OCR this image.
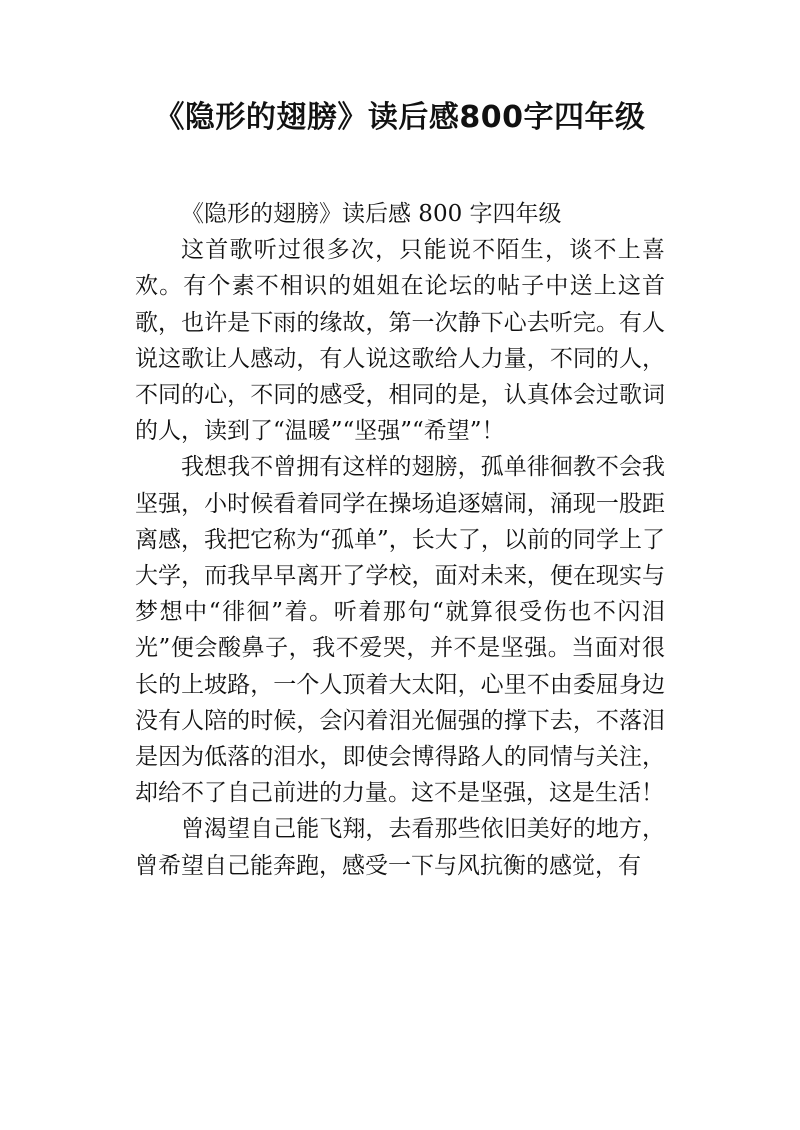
《隐形的翅膀》读后感800字四年级

《隐形的翅膀》读后感 800 字四年级

这首歌听过很多次，只能说不陌生，谈不上喜欢。有个素不相识的姐姐在论坛的帖子中送上这首歌，也许是下雨的缘故，第一次静下心去听完。有人说这歌让人感动，有人说这歌给人力量，不同的人，不同的心，不同的感受，相同的是，认真体会过歌词的人，读到了“温暖”“坚强”“希望”！

我想我不曾拥有这样的翅膀，孤单徘徊教不会我坚强，小时候看着同学在操场追逐嬉闹，涌现一股距离感，我把它称为“孤单”，长大了，以前的同学上了大学，而我早早离开了学校，面对未来，便在现实与梦想中“徘徊”着。听着那句“就算很受伤也不闪泪光”便会酸鼻子，我不爱哭，并不是坚强。当面对很长的上坡路，一个人顶着大太阳，心里不由委屈身边没有人陪的时候，会闪着泪光倔强的撑下去，不落泪是因为低落的泪水，即使会博得路人的同情与关注，却给不了自己前进的力量。这不是坚强，这是生活！

曾渴望自己能飞翔，去看那些依旧美好的地方，曾希望自己能奔跑，感受一下与风抗衡的感觉，有
